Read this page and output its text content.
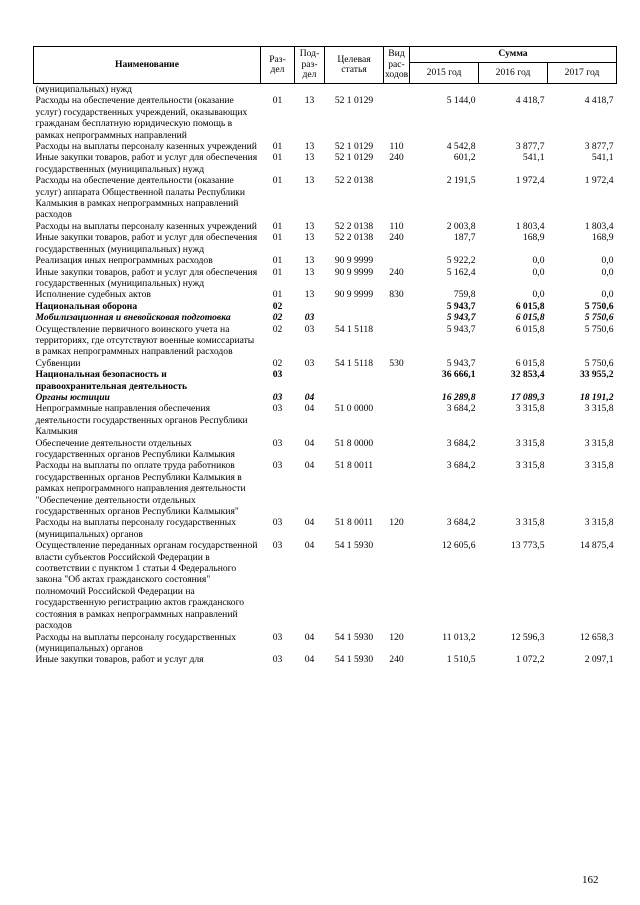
Наименование	Раз- дел	Под- раз- дел	Целевая статья	Вид рас- ходов	Сумма		
					2015 год	2016 год	2017 год
(муниципальных) нужд							
Расходы на обеспечение деятельности (оказание услуг) государственных учреждений, оказывающих гражданам бесплатную юридическую помощь в рамках непрограммных направлений	01	13	52 1 0129		5 144,0	4 418,7	4 418,7
Расходы на выплаты персоналу казенных учреждений	01	13	52 1 0129	110	4 542,8	3 877,7	3 877,7
Иные закупки товаров, работ и услуг для обеспечения государственных (муниципальных) нужд	01	13	52 1 0129	240	601,2	541,1	541,1
Расходы на обеспечение деятельности (оказание услуг) аппарата Общественной палаты Республики Калмыкия в рамках непрограммных направлений расходов	01	13	52 2 0138		2 191,5	1 972,4	1 972,4
Расходы на выплаты персоналу казенных учреждений	01	13	52 2 0138	110	2 003,8	1 803,4	1 803,4
Иные закупки товаров, работ и услуг для обеспечения государственных (муниципальных) нужд	01	13	52 2 0138	240	187,7	168,9	168,9
Реализация иных непрограммных расходов	01	13	90 9 9999		5 922,2	0,0	0,0
Иные закупки товаров, работ и услуг для обеспечения государственных (муниципальных) нужд	01	13	90 9 9999	240	5 162,4	0,0	0,0
Исполнение судебных актов	01	13	90 9 9999	830	759,8	0,0	0,0
Национальная оборона	02				5 943,7	6 015,8	5 750,6
Мобилизационная и вневойсковая подготовка	02	03			5 943,7	6 015,8	5 750,6
Осуществление первичного воинского учета на территориях, где отсутствуют военные комиссариаты в рамках непрограммных направлений расходов	02	03	54 1 5118		5 943,7	6 015,8	5 750,6
Субвенции	02	03	54 1 5118	530	5 943,7	6 015,8	5 750,6
Национальная безопасность и правоохранительная деятельность	03				36 666,1	32 853,4	33 955,2
Органы юстиции	03	04			16 289,8	17 089,3	18 191,2
Непрограммные направления обеспечения деятельности государственных органов Республики Калмыкия	03	04	51 0 0000		3 684,2	3 315,8	3 315,8
Обеспечение деятельности отдельных государственных органов Республики Калмыкия	03	04	51 8 0000		3 684,2	3 315,8	3 315,8
Расходы на выплаты по оплате труда работников государственных органов Республики Калмыкия в рамках непрограммного направления деятельности "Обеспечение деятельности отдельных государственных органов Республики Калмыкия"	03	04	51 8 0011		3 684,2	3 315,8	3 315,8
Расходы на выплаты персоналу государственных (муниципальных) органов	03	04	51 8 0011	120	3 684,2	3 315,8	3 315,8
Осуществление переданных органам государственной власти субъектов Российской Федерации в соответствии с пунктом 1 статьи 4 Федерального закона "Об актах гражданского состояния" полномочий Российской Федерации на государственную регистрацию актов гражданского состояния в рамках непрограммных направлений расходов	03	04	54 1 5930		12 605,6	13 773,5	14 875,4
Расходы на выплаты персоналу государственных (муниципальных) органов	03	04	54 1 5930	120	11 013,2	12 596,3	12 658,3
Иные закупки товаров, работ и услуг для	03	04	54 1 5930	240	1 510,5	1 072,2	2 097,1
162
